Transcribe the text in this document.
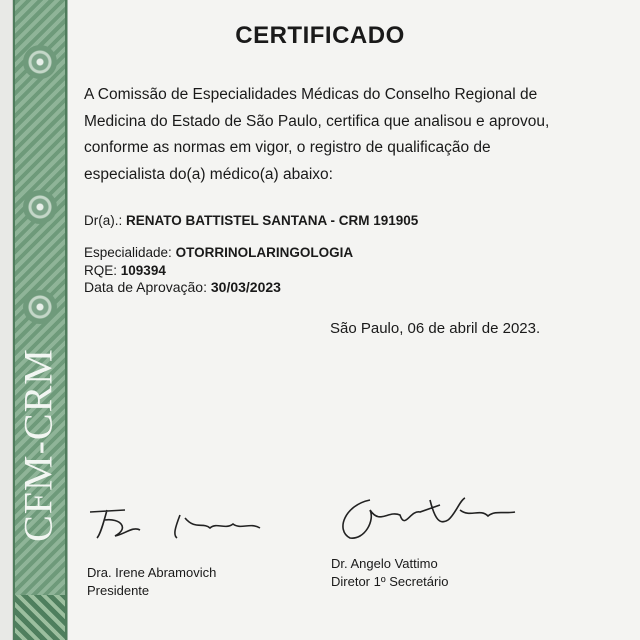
CFM-CRM
CERTIFICADO
A Comissão de Especialidades Médicas do Conselho Regional de Medicina do Estado de São Paulo, certifica que analisou e aprovou, conforme as normas em vigor, o registro de qualificação de especialista do(a) médico(a) abaixo:
Dr(a).: RENATO BATTISTEL SANTANA - CRM 191905
Especialidade: OTORRINOLARINGOLOGIA
RQE: 109394
Data de Aprovação: 30/03/2023
São Paulo, 06 de abril de 2023.
Dra. Irene Abramovich
Presidente
Dr. Angelo Vattimo
Diretor 1º Secretário
